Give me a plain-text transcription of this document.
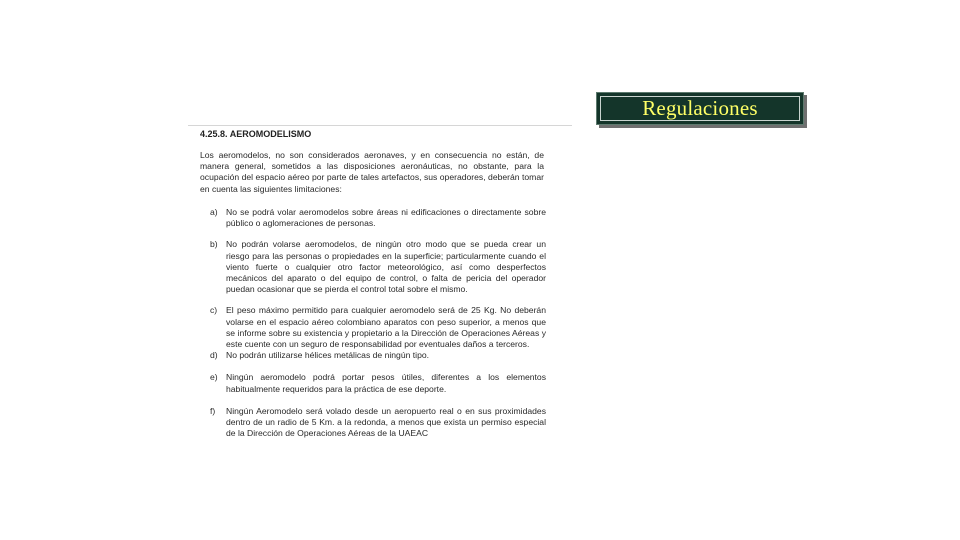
Regulaciones
4.25.8. AEROMODELISMO

Los aeromodelos, no son considerados aeronaves, y en consecuencia no están, de manera general, sometidos a las disposiciones aeronáuticas, no obstante, para la ocupación del espacio aéreo por parte de tales artefactos, sus operadores, deberán tomar en cuenta las siguientes limitaciones:

a) No se podrá volar aeromodelos sobre áreas ni edificaciones o directamente sobre público o aglomeraciones de personas.
b) No podrán volarse aeromodelos, de ningún otro modo que se pueda crear un riesgo para las personas o propiedades en la superficie; particularmente cuando el viento fuerte o cualquier otro factor meteorológico, así como desperfectos mecánicos del aparato o del equipo de control, o falta de pericia del operador puedan ocasionar que se pierda el control total sobre el mismo.
c)	El peso máximo permitido para cualquier aeromodelo será de 25 Kg. No deberán volarse en el espacio aéreo colombiano aparatos con peso superior, a menos que se informe sobre su existencia y propietario a la Dirección de Operaciones Aéreas y este cuente con un seguro de responsabilidad por eventuales daños a terceros.
d) No podrán utilizarse hélices metálicas de ningún tipo.
e) Ningún aeromodelo podrá portar pesos útiles, diferentes a los elementos habitualmente requeridos para la práctica de ese deporte.
f)	Ningún Aeromodelo será volado desde un aeropuerto real o en sus proximidades dentro de un radio de 5 Km. a la redonda, a menos que exista un permiso especial de la Dirección de Operaciones Aéreas de la UAEAC
